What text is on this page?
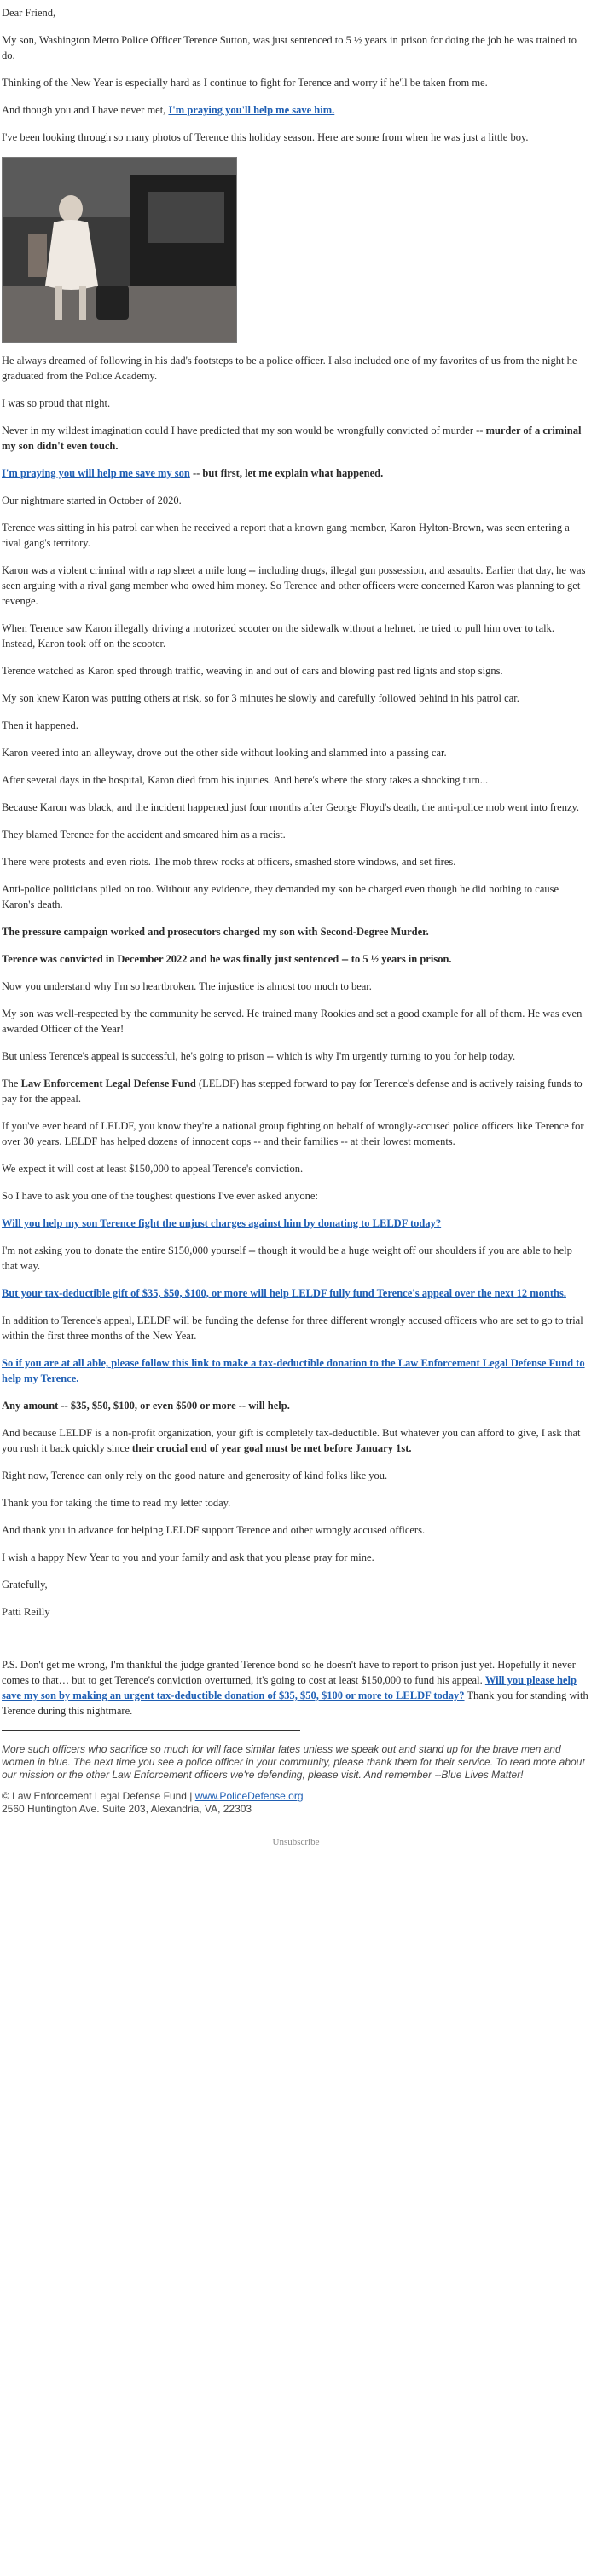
Dear Friend,

My son, Washington Metro Police Officer Terence Sutton, was just sentenced to 5 ½ years in prison for doing the job he was trained to do.

Thinking of the New Year is especially hard as I continue to fight for Terence and worry if he'll be taken from me.

And though you and I have never met, I'm praying you'll help me save him.

I've been looking through so many photos of Terence this holiday season. Here are some from when he was just a little boy.

He always dreamed of following in his dad's footsteps to be a police officer. I also included one of my favorites of us from the night he graduated from the Police Academy.

I was so proud that night.

Never in my wildest imagination could I have predicted that my son would be wrongfully convicted of murder -- murder of a criminal my son didn't even touch.

I'm praying you will help me save my son -- but first, let me explain what happened.

Our nightmare started in October of 2020.

Terence was sitting in his patrol car when he received a report that a known gang member, Karon Hylton-Brown, was seen entering a rival gang's territory.

Karon was a violent criminal with a rap sheet a mile long -- including drugs, illegal gun possession, and assaults. Earlier that day, he was seen arguing with a rival gang member who owed him money. So Terence and other officers were concerned Karon was planning to get revenge.

When Terence saw Karon illegally driving a motorized scooter on the sidewalk without a helmet, he tried to pull him over to talk. Instead, Karon took off on the scooter.

Terence watched as Karon sped through traffic, weaving in and out of cars and blowing past red lights and stop signs.

My son knew Karon was putting others at risk, so for 3 minutes he slowly and carefully followed behind in his patrol car.

Then it happened.

Karon veered into an alleyway, drove out the other side without looking and slammed into a passing car.

After several days in the hospital, Karon died from his injuries. And here's where the story takes a shocking turn...

Because Karon was black, and the incident happened just four months after George Floyd's death, the anti-police mob went into frenzy.

They blamed Terence for the accident and smeared him as a racist.

There were protests and even riots. The mob threw rocks at officers, smashed store windows, and set fires.

Anti-police politicians piled on too. Without any evidence, they demanded my son be charged even though he did nothing to cause Karon's death.

The pressure campaign worked and prosecutors charged my son with Second-Degree Murder.

Terence was convicted in December 2022 and he was finally just sentenced -- to 5 ½ years in prison.

Now you understand why I'm so heartbroken. The injustice is almost too much to bear.

My son was well-respected by the community he served. He trained many Rookies and set a good example for all of them. He was even awarded Officer of the Year!

But unless Terence's appeal is successful, he's going to prison -- which is why I'm urgently turning to you for help today.

The Law Enforcement Legal Defense Fund (LELDF) has stepped forward to pay for Terence's defense and is actively raising funds to pay for the appeal.

If you've ever heard of LELDF, you know they're a national group fighting on behalf of wrongly-accused police officers like Terence for over 30 years. LELDF has helped dozens of innocent cops -- and their families -- at their lowest moments.

We expect it will cost at least $150,000 to appeal Terence's conviction.

So I have to ask you one of the toughest questions I've ever asked anyone:

Will you help my son Terence fight the unjust charges against him by donating to LELDF today?

I'm not asking you to donate the entire $150,000 yourself -- though it would be a huge weight off our shoulders if you are able to help that way.

But your tax-deductible gift of $35, $50, $100, or more will help LELDF fully fund Terence's appeal over the next 12 months.

In addition to Terence's appeal, LELDF will be funding the defense for three different wrongly accused officers who are set to go to trial within the first three months of the New Year.

So if you are at all able, please follow this link to make a tax-deductible donation to the Law Enforcement Legal Defense Fund to help my Terence.

Any amount -- $35, $50, $100, or even $500 or more -- will help.

And because LELDF is a non-profit organization, your gift is completely tax-deductible. But whatever you can afford to give, I ask that you rush it back quickly since their crucial end of year goal must be met before January 1st.

Right now, Terence can only rely on the good nature and generosity of kind folks like you.

Thank you for taking the time to read my letter today.

And thank you in advance for helping LELDF support Terence and other wrongly accused officers.

I wish a happy New Year to you and your family and ask that you please pray for mine.

Gratefully,

Patti Reilly

P.S. Don't get me wrong, I'm thankful the judge granted Terence bond so he doesn't have to report to prison just yet. Hopefully it never comes to that… but to get Terence's conviction overturned, it's going to cost at least $150,000 to fund his appeal. Will you please help save my son by making an urgent tax-deductible donation of $35, $50, $100 or more to LELDF today? Thank you for standing with Terence during this nightmare.

More such officers who sacrifice so much for will face similar fates unless we speak out and stand up for the brave men and women in blue. The next time you see a police officer in your community, please thank them for their service. To read more about our mission or the other Law Enforcement officers we're defending, please visit. And remember --Blue Lives Matter!

© Law Enforcement Legal Defense Fund | www.PoliceDefense.org

2560 Huntington Ave. Suite 203, Alexandria, VA, 22303

Unsubscribe
